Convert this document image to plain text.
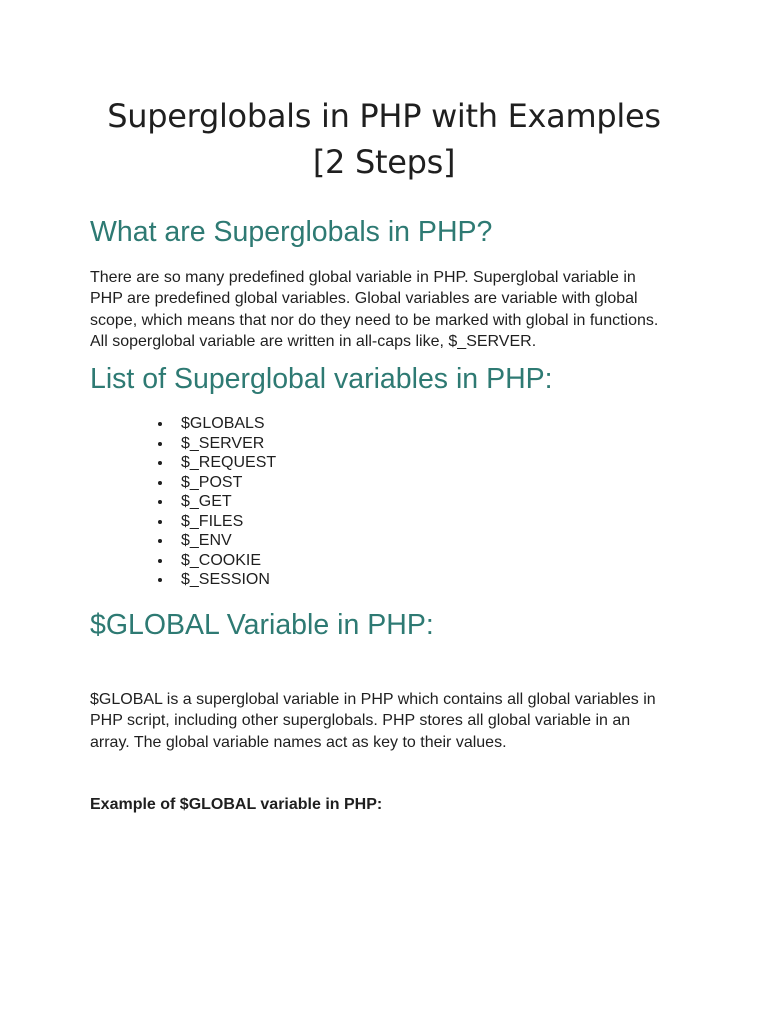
Superglobals in PHP with Examples
[2 Steps]
What are Superglobals in PHP?

There are so many predefined global variable in PHP. Superglobal variable in
PHP are predefined global variables. Global variables are variable with global
scope, which means that nor do they need to be marked with global in functions.
All soperglobal variable are written in all-caps like, $_SERVER.

List of Superglobal variables in PHP:
$GLOBALS
$_SERVER
$_REQUEST
$_POST
$_GET
$_FILES
$_ENV
$_COOKIE
$_SESSION
$GLOBAL Variable in PHP:

$GLOBAL is a superglobal variable in PHP which contains all global variables in
PHP script, including other superglobals. PHP stores all global variable in an
array. The global variable names act as key to their values.

Example of $GLOBAL variable in PHP:
